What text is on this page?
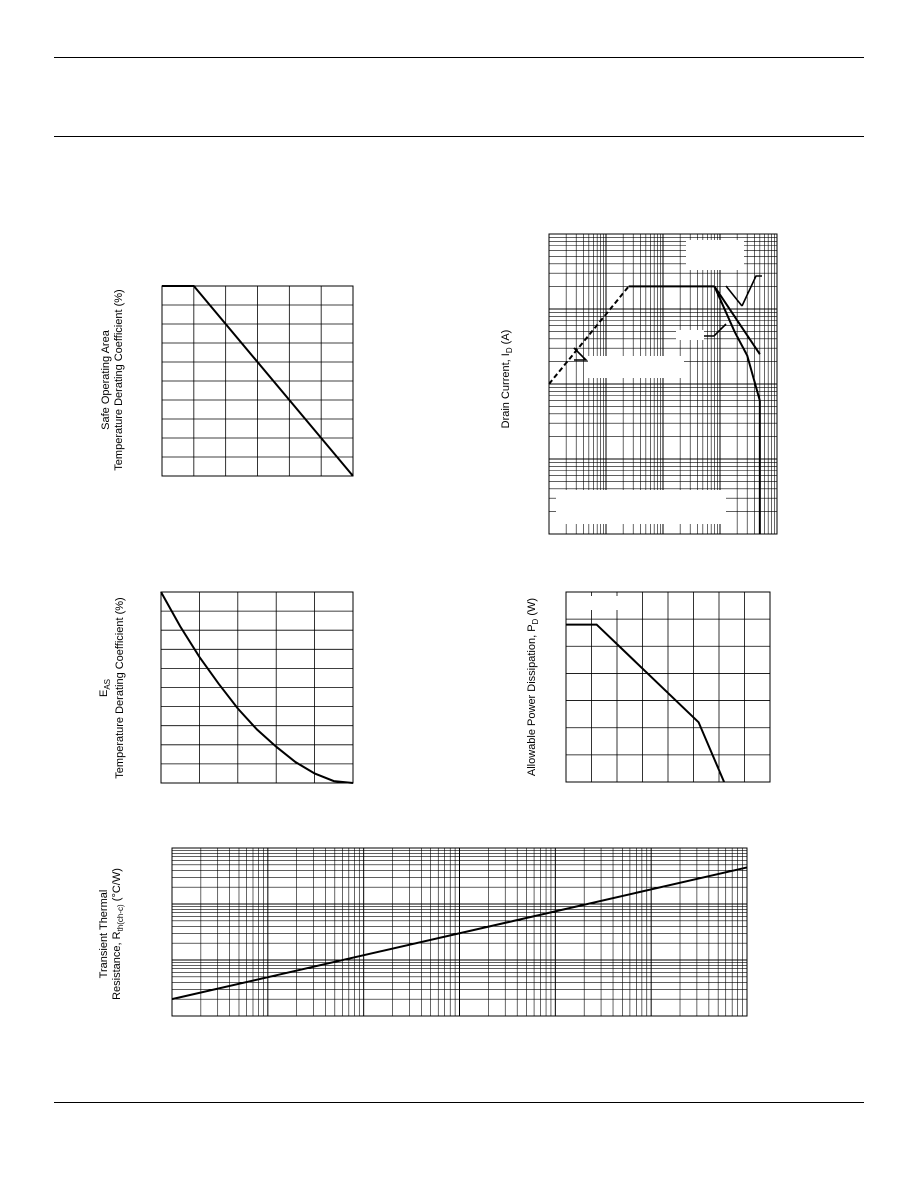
Safe Operating Area Temperature Derating Coefficient (%)
$E_{AS}$ Temperature Derating Coefficient (%)
Drain Current, $I_D$ (A)
Allowable Power Dissipation, $P_D$ (W)
Transient Thermal Resistance, $R_{th(ch-c)}$ (°C/W)
